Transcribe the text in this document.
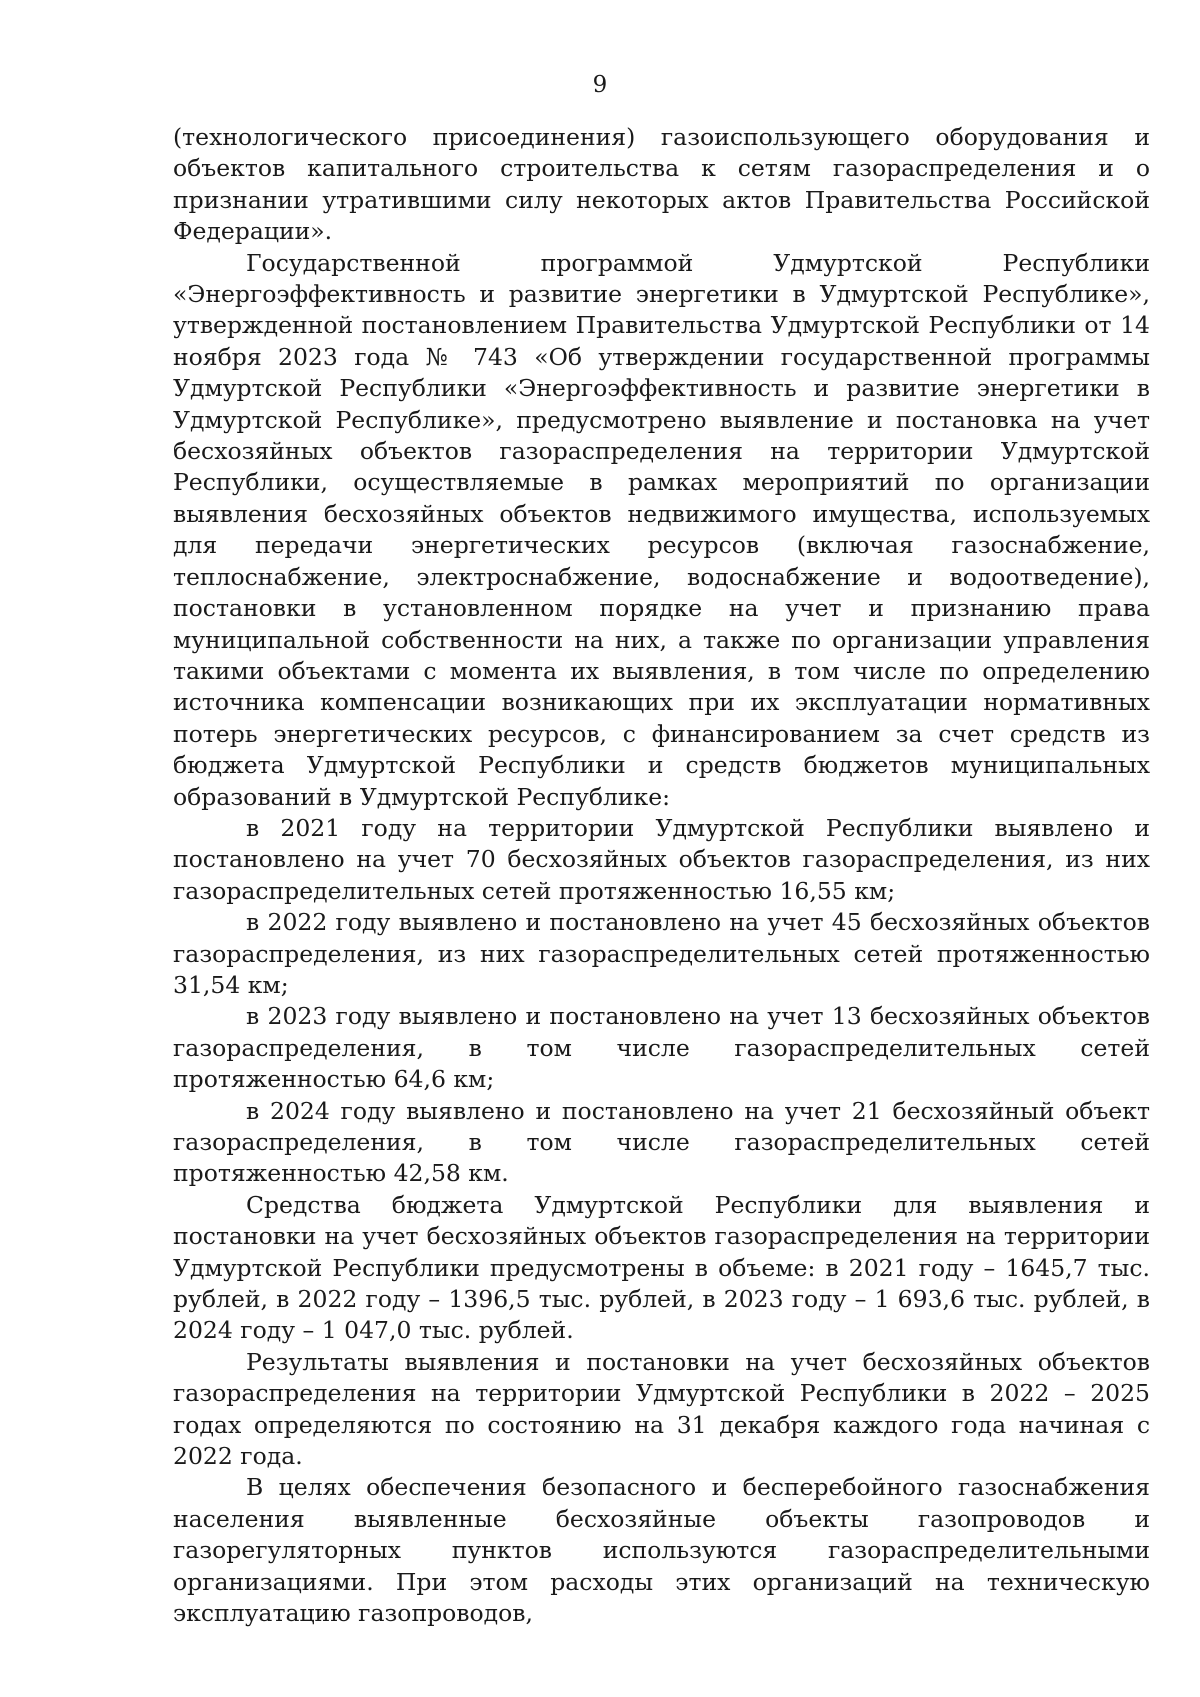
9

(технологического присоединения) газоиспользующего оборудования и объектов капитального строительства к сетям газораспределения и о признании утратившими силу некоторых актов Правительства Российской Федерации».

Государственной программой Удмуртской Республики «Энергоэффективность и развитие энергетики в Удмуртской Республике», утвержденной постановлением Правительства Удмуртской Республики от 14 ноября 2023 года № 743 «Об утверждении государственной программы Удмуртской Республики «Энергоэффективность и развитие энергетики в Удмуртской Республике», предусмотрено выявление и постановка на учет бесхозяйных объектов газораспределения на территории Удмуртской Республики, осуществляемые в рамках мероприятий по организации выявления бесхозяйных объектов недвижимого имущества, используемых для передачи энергетических ресурсов (включая газоснабжение, теплоснабжение, электроснабжение, водоснабжение и водоотведение), постановки в установленном порядке на учет и признанию права муниципальной собственности на них, а также по организации управления такими объектами с момента их выявления, в том числе по определению источника компенсации возникающих при их эксплуатации нормативных потерь энергетических ресурсов, с финансированием за счет средств из бюджета Удмуртской Республики и средств бюджетов муниципальных образований в Удмуртской Республике:

в 2021 году на территории Удмуртской Республики выявлено и постановлено на учет 70 бесхозяйных объектов газораспределения, из них газораспределительных сетей протяженностью 16,55 км;

в 2022 году выявлено и постановлено на учет 45 бесхозяйных объектов газораспределения, из них газораспределительных сетей протяженностью 31,54 км;

в 2023 году выявлено и постановлено на учет 13 бесхозяйных объектов газораспределения, в том числе газораспределительных сетей протяженностью 64,6 км;

в 2024 году выявлено и постановлено на учет 21 бесхозяйный объект газораспределения, в том числе газораспределительных сетей протяженностью 42,58 км.

Средства бюджета Удмуртской Республики для выявления и постановки на учет бесхозяйных объектов газораспределения на территории Удмуртской Республики предусмотрены в объеме: в 2021 году – 1645,7 тыс. рублей, в 2022 году – 1396,5 тыс. рублей, в 2023 году – 1 693,6 тыс. рублей, в 2024 году – 1 047,0 тыс. рублей.

Результаты выявления и постановки на учет бесхозяйных объектов газораспределения на территории Удмуртской Республики в 2022 – 2025 годах определяются по состоянию на 31 декабря каждого года начиная с 2022 года.

В целях обеспечения безопасного и бесперебойного газоснабжения населения выявленные бесхозяйные объекты газопроводов и газорегуляторных пунктов используются газораспределительными организациями. При этом расходы этих организаций на техническую эксплуатацию газопроводов,
